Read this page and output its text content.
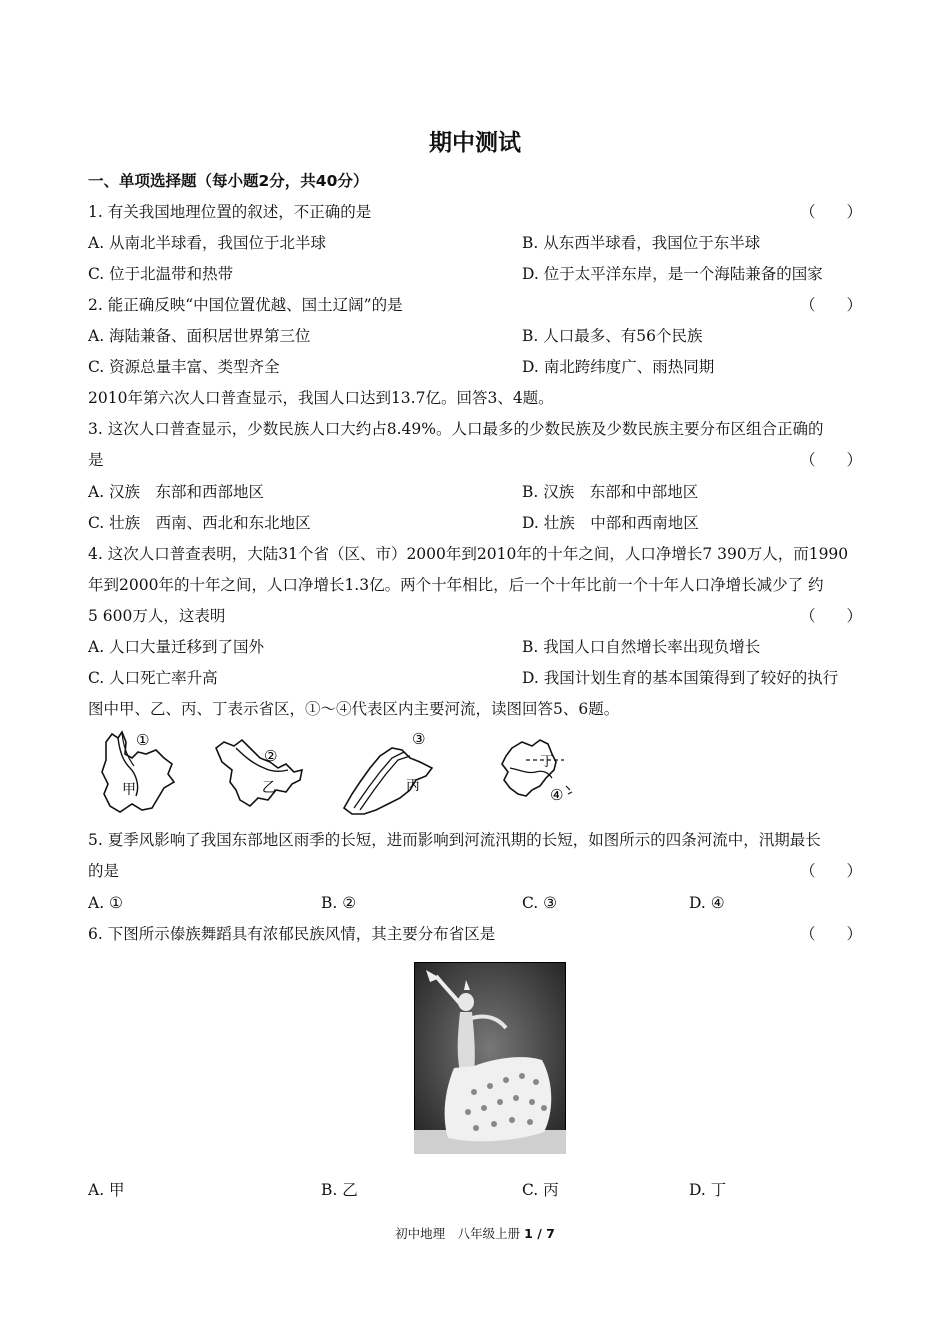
期中测试
一、单项选择题（每小题2分，共40分）
1. 有关我国地理位置的叙述，不正确的是	（　　）
A. 从南北半球看，我国位于北半球	B. 从东西半球看，我国位于东半球
C. 位于北温带和热带	D. 位于太平洋东岸，是一个海陆兼备的国家
2. 能正确反映“中国位置优越、国土辽阔”的是	（　　）
A. 海陆兼备、面积居世界第三位	B. 人口最多、有56个民族
C. 资源总量丰富、类型齐全	D. 南北跨纬度广、雨热同期
2010年第六次人口普查显示，我国人口达到13.7亿。回答3、4题。
3. 这次人口普查显示，少数民族人口大约占8.49%。人口最多的少数民族及少数民族主要分布区组合正确的
是	（　　）
A. 汉族　东部和西部地区	B. 汉族　东部和中部地区
C. 壮族　西南、西北和东北地区	D. 壮族　中部和西南地区
4. 这次人口普查表明，大陆31个省（区、市）2000年到2010年的十年之间，人口净增长7 390万人，而1990
年到2000年的十年之间，人口净增长1.3亿。两个十年相比，后一个十年比前一个十年人口净增长减少了 约
5 600万人，这表明	（　　）
A. 人口大量迁移到了国外	B. 我国人口自然增长率出现负增长
C. 人口死亡率升高	D. 我国计划生育的基本国策得到了较好的执行
图中甲、乙、丙、丁表示省区，①～④代表区内主要河流，读图回答5、6题。
①
甲
②
乙
③
丙
丁
④
5. 夏季风影响了我国东部地区雨季的长短，进而影响到河流汛期的长短，如图所示的四条河流中，汛期最长
的是	（　　）
A. ①	B. ②	C. ③	D. ④
6. 下图所示傣族舞蹈具有浓郁民族风情，其主要分布省区是	（　　）
A. 甲	B. 乙	C. 丙	D. 丁
初中地理　八年级上册 1 / 7
